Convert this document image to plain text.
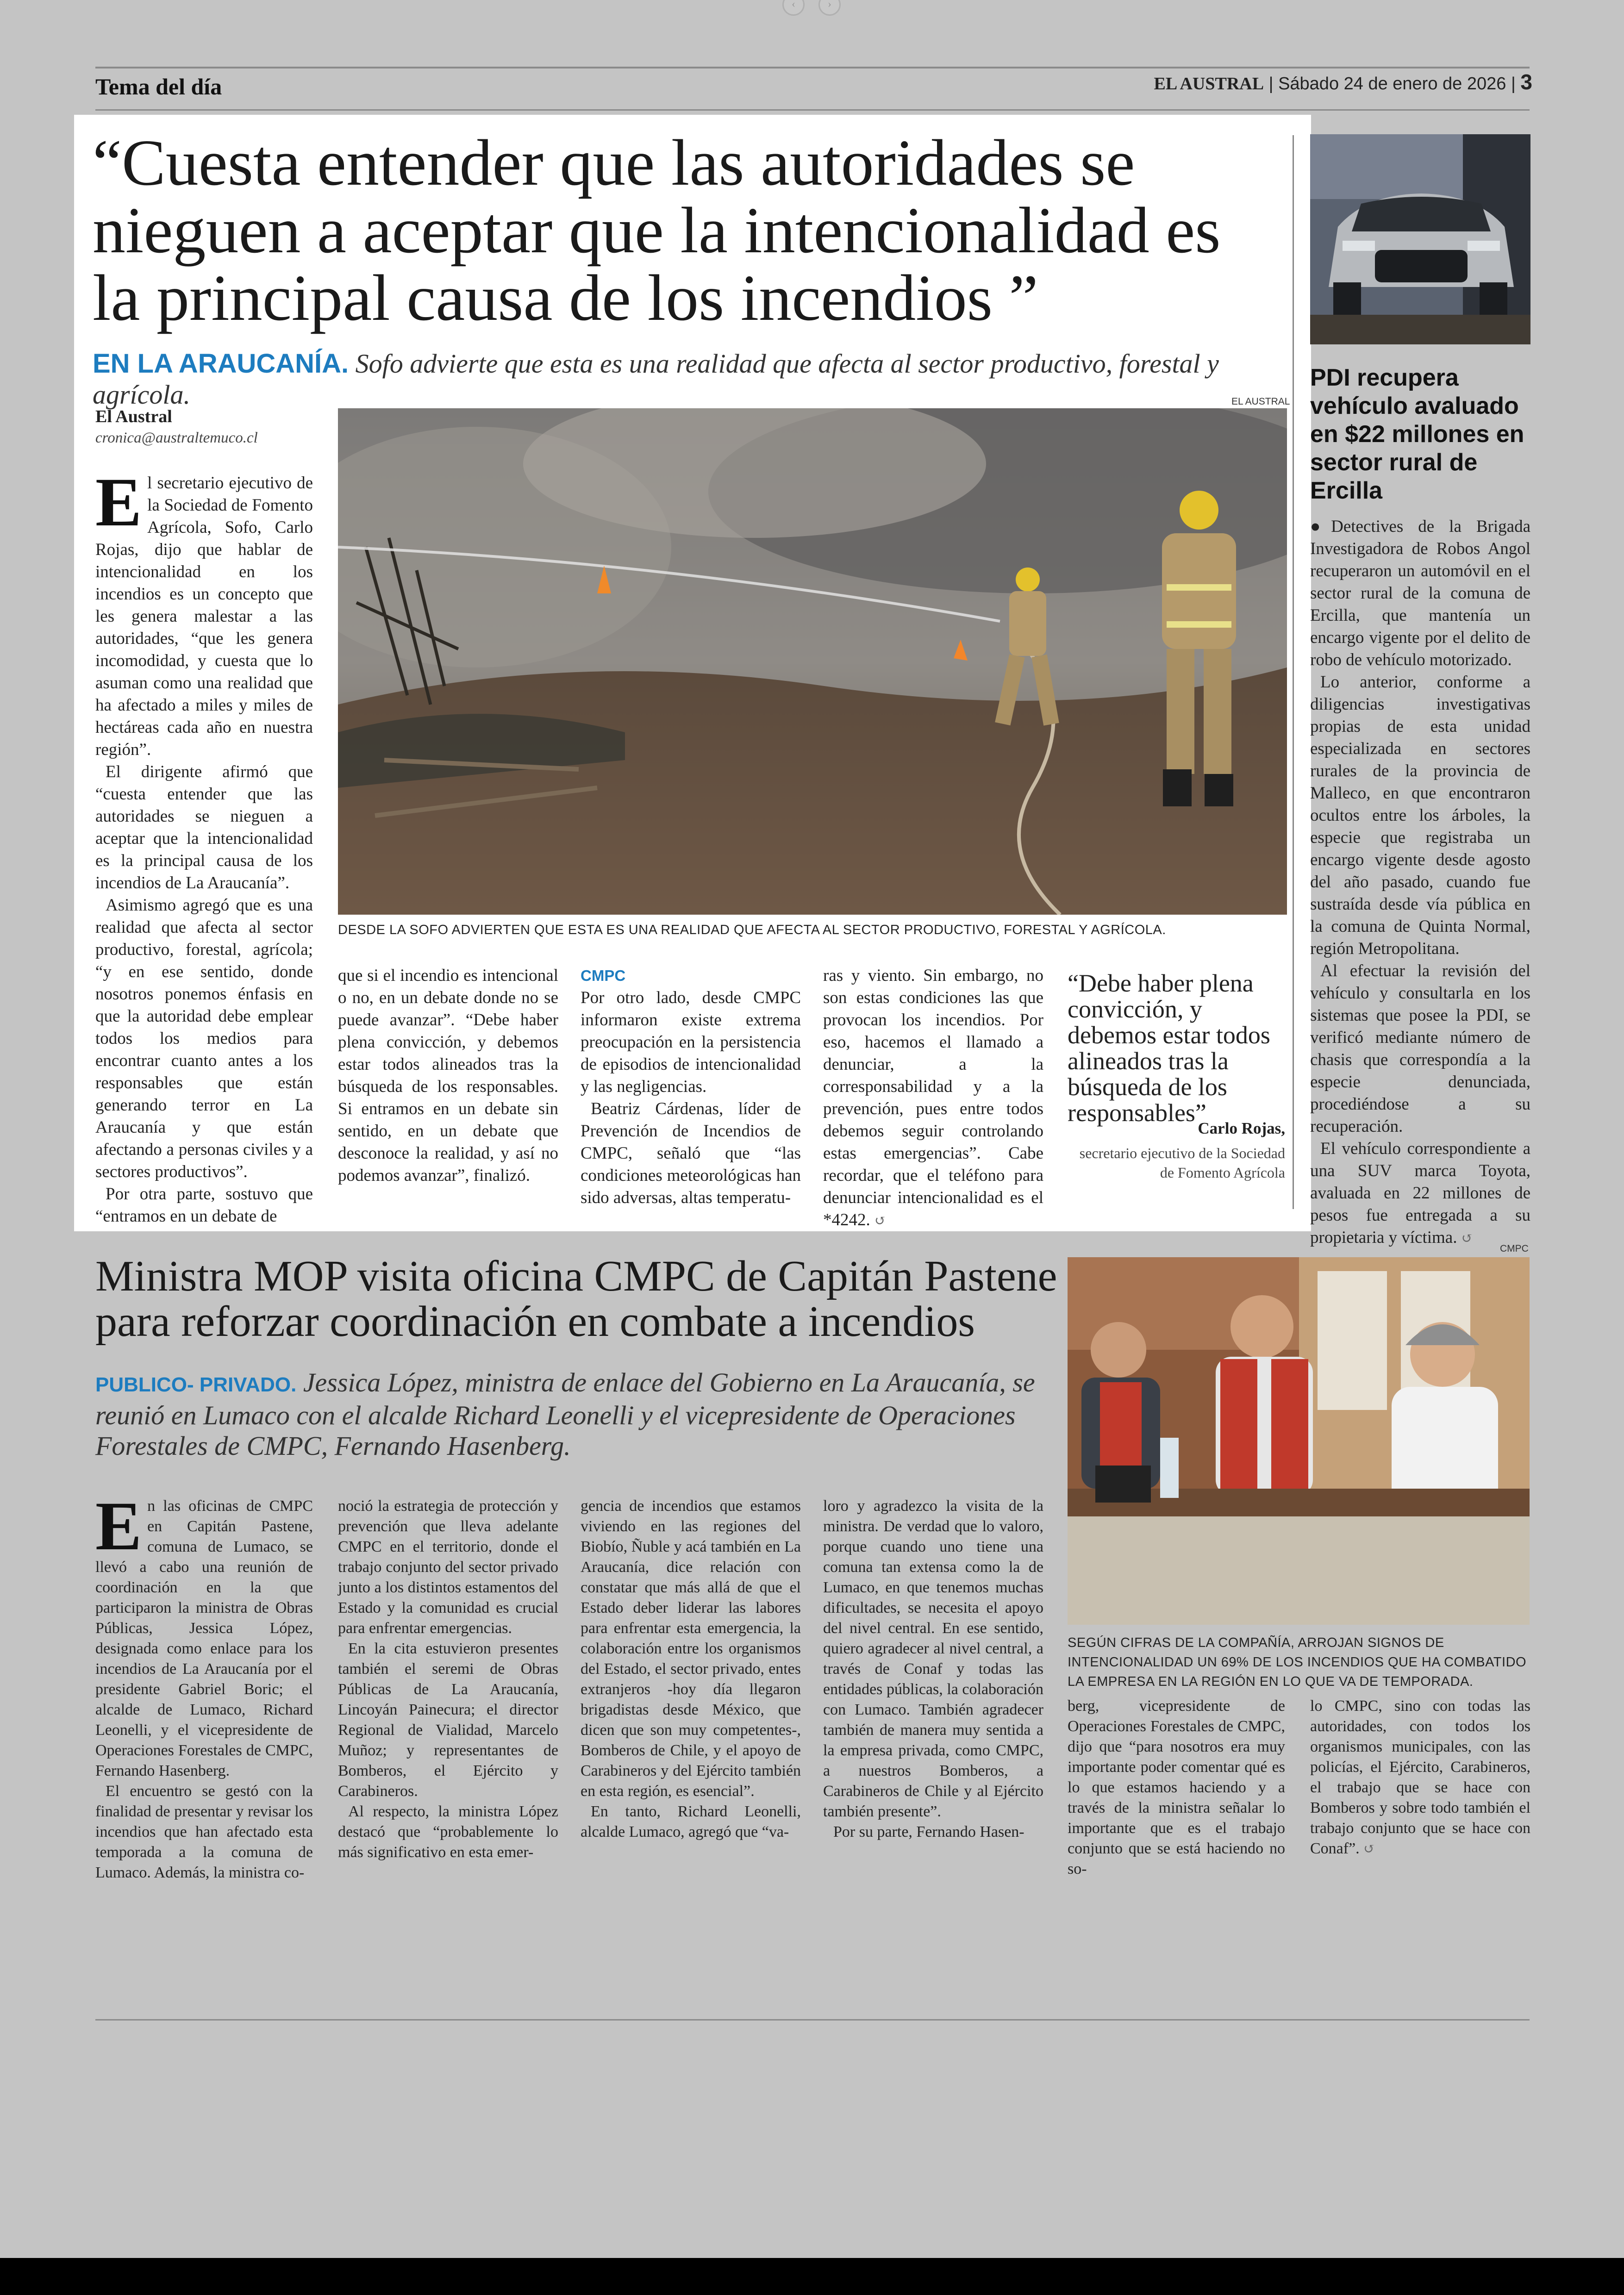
‹	›
Tema del día	EL AUSTRAL | Sábado 24 de enero de 2026 | 3
“Cuesta entender que las autoridades se nieguen a aceptar que la intencionalidad es la principal causa de los incendios ”
EN LA ARAUCANÍA. Sofo advierte que esta es una realidad que afecta al sector productivo, forestal y agrícola.
El Austral
cronica@australtemuco.cl
EL AUSTRAL
DESDE LA SOFO ADVIERTEN QUE ESTA ES UNA REALIDAD QUE AFECTA AL SECTOR PRODUCTIVO, FORESTAL Y AGRÍCOLA.
E l secretario ejecutivo de la Sociedad de Fomento Agrícola, Sofo, Carlo Rojas, dijo que hablar de intencionalidad en los incendios es un concepto que les genera malestar a las autoridades, “que les genera incomodidad, y cuesta que lo asuman como una realidad que ha afectado a miles y miles de hectáreas cada año en nuestra región”.

El dirigente afirmó que “cuesta entender que las autoridades se nieguen a aceptar que la intencionalidad es la principal causa de los incendios de La Araucanía”.

Asimismo agregó que es una realidad que afecta al sector productivo, forestal, agrícola; “y en ese sentido, donde nosotros ponemos énfasis en que la autoridad debe emplear todos los medios para encontrar cuanto antes a los responsables que están generando terror en La Araucanía y que están afectando a personas civiles y a sectores productivos”.

Por otra parte, sostuvo que “entramos en un debate de

que si el incendio es intencional o no, en un debate donde no se puede avanzar”. “Debe haber plena convicción, y debemos estar todos alineados tras la búsqueda de los responsables. Si entramos en un debate sin sentido, en un debate que desconoce la realidad, y así no podemos avanzar”, finalizó.

CMPC

Por otro lado, desde CMPC informaron existe extrema preocupación en la persistencia de episodios de intencionalidad y las negligencias.

Beatriz Cárdenas, líder de Prevención de Incendios de CMPC, señaló que “las condiciones meteorológicas han sido adversas, altas temperatu-

ras y viento. Sin embargo, no son estas condiciones las que provocan los incendios. Por eso, hacemos el llamado a denunciar, a la corresponsabilidad y a la prevención, pues entre todos debemos seguir controlando estas emergencias”. Cabe recordar, que el teléfono para denunciar intencionalidad es el *4242. ↺

“Debe haber plena convicción, y debemos estar todos alineados tras la búsqueda de los responsables”
Carlo Rojas,
secretario ejecutivo de la Sociedad de Fomento Agrícola
PDI recupera vehículo avaluado en $22 millones en sector rural de Ercilla

●Detectives de la Brigada Investigadora de Robos Angol recuperaron un automóvil en el sector rural de la comuna de Ercilla, que mantenía un encargo vigente por el delito de robo de vehículo motorizado.

Lo anterior, conforme a diligencias investigativas propias de esta unidad especializada en sectores rurales de la provincia de Malleco, en que encontraron ocultos entre los árboles, la especie que registraba un encargo vigente desde agosto del año pasado, cuando fue sustraída desde vía pública en la comuna de Quinta Normal, región Metropolitana.

Al efectuar la revisión del vehículo y consultarla en los sistemas que posee la PDI, se verificó mediante número de chasis que correspondía a la especie denunciada, procediéndose a su recuperación.

El vehículo correspondiente a una SUV marca Toyota, avaluada en 22 millones de pesos fue entregada a su propietaria y víctima. ↺

Ministra MOP visita oficina CMPC de Capitán Pastene para reforzar coordinación en combate a incendios
PUBLICO- PRIVADO. Jessica López, ministra de enlace del Gobierno en La Araucanía, se reunió en Lumaco con el alcalde Richard Leonelli y el vicepresidente de Operaciones Forestales de CMPC, Fernando Hasenberg.
CMPC
SEGÚN CIFRAS DE LA COMPAÑÍA, ARROJAN SIGNOS DE INTENCIONALIDAD UN 69% DE LOS INCENDIOS QUE HA COMBATIDO LA EMPRESA EN LA REGIÓN EN LO QUE VA DE TEMPORADA.
E n las oficinas de CMPC en Capitán Pastene, comuna de Lumaco, se llevó a cabo una reunión de coordinación en la que participaron la ministra de Obras Públicas, Jessica López, designada como enlace para los incendios de La Araucanía por el presidente Gabriel Boric; el alcalde de Lumaco, Richard Leonelli, y el vicepresidente de Operaciones Forestales de CMPC, Fernando Hasenberg.

El encuentro se gestó con la finalidad de presentar y revisar los incendios que han afectado esta temporada a la comuna de Lumaco. Además, la ministra co-

noció la estrategia de protección y prevención que lleva adelante CMPC en el territorio, donde el trabajo conjunto del sector privado junto a los distintos estamentos del Estado y la comunidad es crucial para enfrentar emergencias.

En la cita estuvieron presentes también el seremi de Obras Públicas de La Araucanía, Lincoyán Painecura; el director Regional de Vialidad, Marcelo Muñoz; y representantes de Bomberos, el Ejército y Carabineros.

Al respecto, la ministra López destacó que “probablemente lo más significativo en esta emer-

gencia de incendios que estamos viviendo en las regiones del Biobío, Ñuble y acá también en La Araucanía, dice relación con constatar que más allá de que el Estado deber liderar las labores para enfrentar esta emergencia, la colaboración entre los organismos del Estado, el sector privado, entes extranjeros -hoy día llegaron brigadistas desde México, que dicen que son muy competentes-, Bomberos de Chile, y el apoyo de Carabineros y del Ejército también en esta región, es esencial”.

En tanto, Richard Leonelli, alcalde Lumaco, agregó que “va-

loro y agradezco la visita de la ministra. De verdad que lo valoro, porque cuando uno tiene una comuna tan extensa como la de Lumaco, en que tenemos muchas dificultades, se necesita el apoyo del nivel central. En ese sentido, quiero agradecer al nivel central, a través de Conaf y todas las entidades públicas, la colaboración con Lumaco. También agradecer también de manera muy sentida a la empresa privada, como CMPC, a nuestros Bomberos, a Carabineros de Chile y al Ejército también presente”.

Por su parte, Fernando Hasen-

berg, vicepresidente de Operaciones Forestales de CMPC, dijo que “para nosotros era muy importante poder comentar qué es lo que estamos haciendo y a través de la ministra señalar lo importante que es el trabajo conjunto que se está haciendo no so-

lo CMPC, sino con todas las autoridades, con todos los organismos municipales, con las policías, el Ejército, Carabineros, el trabajo que se hace con Bomberos y sobre todo también el trabajo conjunto que se hace con Conaf”. ↺
